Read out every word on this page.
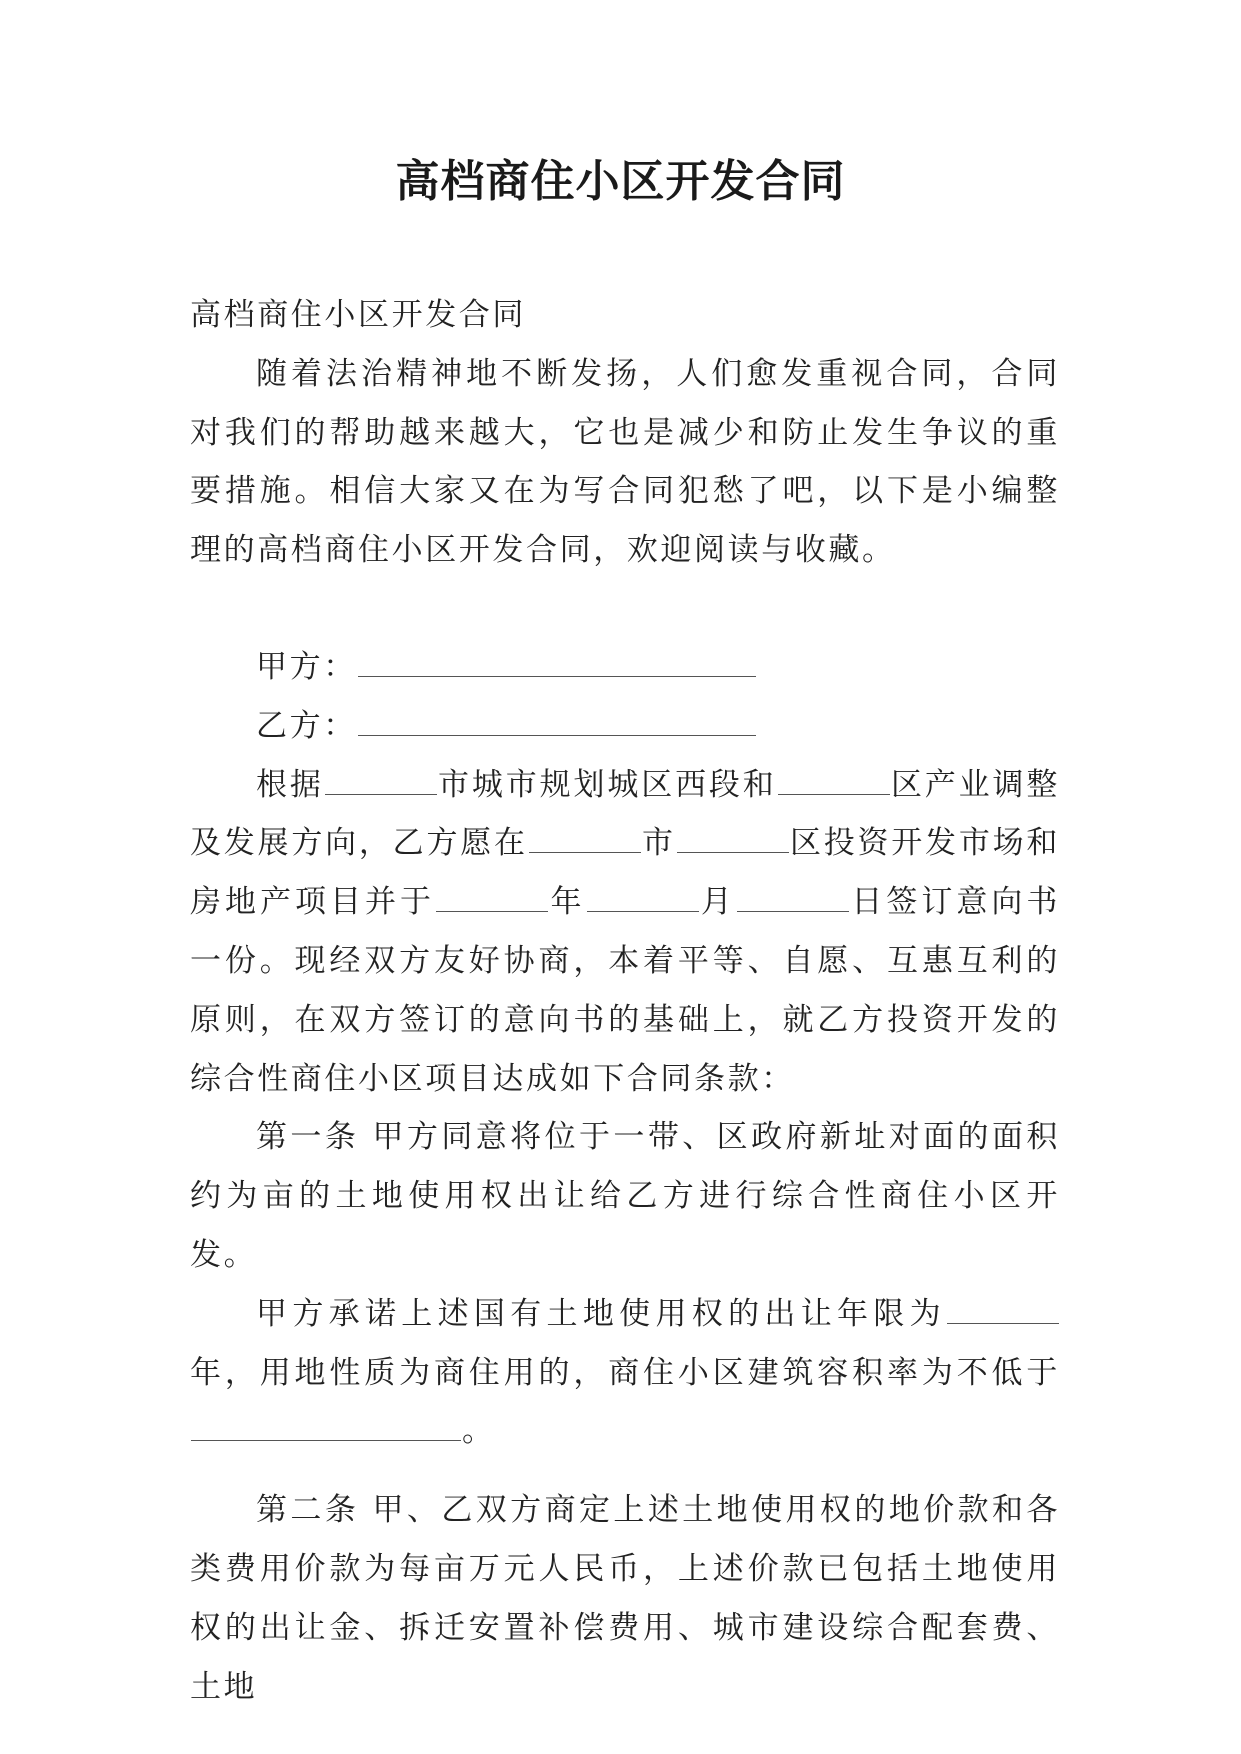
高档商住小区开发合同

高档商住小区开发合同

随着法治精神地不断发扬，人们愈发重视合同，合同对我们的帮助越来越大，它也是减少和防止发生争议的重要措施。相信大家又在为写合同犯愁了吧，以下是小编整理的高档商住小区开发合同，欢迎阅读与收藏。

甲方：

乙方：

根据	市城市规划城区西段和	区产业调整及发展方向，乙方愿在	市	区投资开发市场和房地产项目并于	年	月	日签订意向书一份。现经双方友好协商，本着平等、自愿、互惠互利的原则，在双方签订的意向书的基础上，就乙方投资开发的综合性商住小区项目达成如下合同条款：

第一条 甲方同意将位于一带、区政府新址对面的面积约为亩的土地使用权出让给乙方进行综合性商住小区开发。

甲方承诺上述国有土地使用权的出让年限为年，用地性质为商住用的，商住小区建筑容积率为不低于。

第二条 甲、乙双方商定上述土地使用权的地价款和各类费用价款为每亩万元人民币，上述价款已包括土地使用权的出让金、拆迁安置补偿费用、城市建设综合配套费、土地
